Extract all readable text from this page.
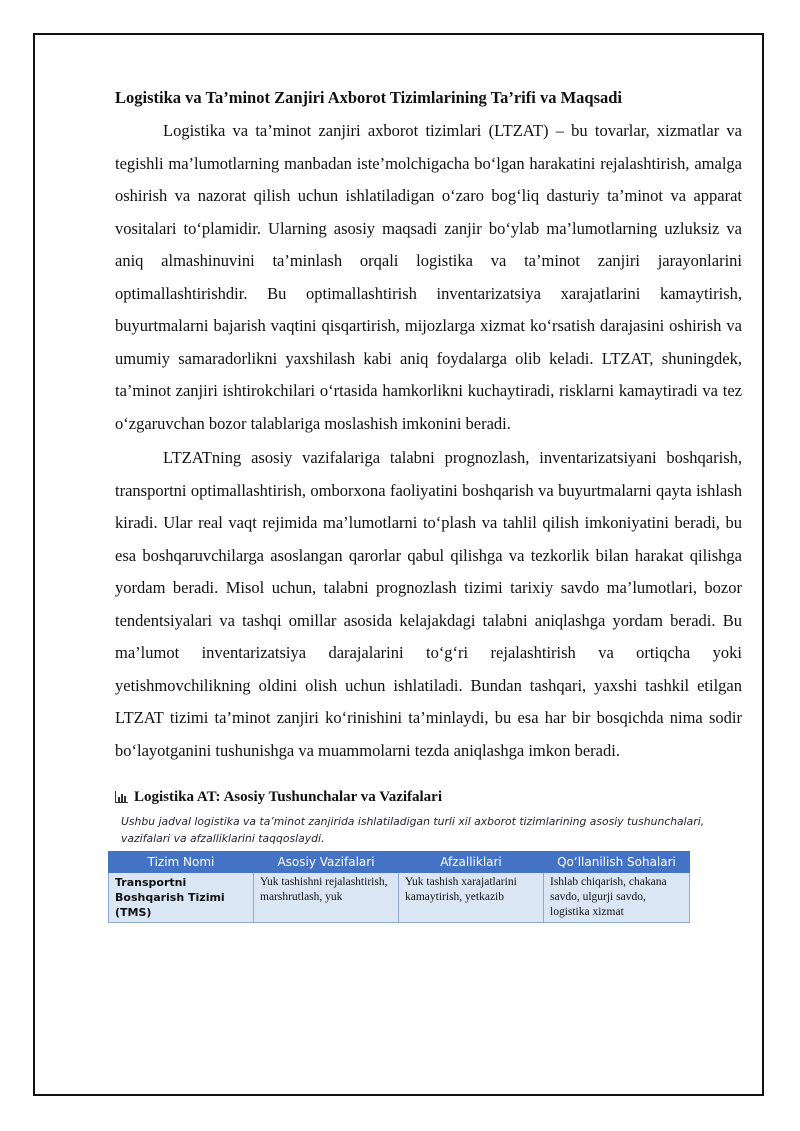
Logistika va Ta’minot Zanjiri Axborot Tizimlarining Ta’rifi va Maqsadi

Logistika va ta’minot zanjiri axborot tizimlari (LTZAT) – bu tovarlar, xizmatlar va tegishli ma’lumotlarning manbadan iste’molchigacha bo‘lgan harakatini rejalashtirish, amalga oshirish va nazorat qilish uchun ishlatiladigan o‘zaro bog‘liq dasturiy ta’minot va apparat vositalari to‘plamidir. Ularning asosiy maqsadi zanjir bo‘ylab ma’lumotlarning uzluksiz va aniq almashinuvini ta’minlash orqali logistika va ta’minot zanjiri jarayonlarini optimallashtirishdir. Bu optimallashtirish inventarizatsiya xarajatlarini kamaytirish, buyurtmalarni bajarish vaqtini qisqartirish, mijozlarga xizmat ko‘rsatish darajasini oshirish va umumiy samaradorlikni yaxshilash kabi aniq foydalarga olib keladi. LTZAT, shuningdek, ta’minot zanjiri ishtirokchilari o‘rtasida hamkorlikni kuchaytiradi, risklarni kamaytiradi va tez o‘zgaruvchan bozor talablariga moslashish imkonini beradi.

LTZATning asosiy vazifalariga talabni prognozlash, inventarizatsiyani boshqarish, transportni optimallashtirish, omborxona faoliyatini boshqarish va buyurtmalarni qayta ishlash kiradi. Ular real vaqt rejimida ma’lumotlarni to‘plash va tahlil qilish imkoniyatini beradi, bu esa boshqaruvchilarga asoslangan qarorlar qabul qilishga va tezkorlik bilan harakat qilishga yordam beradi. Misol uchun, talabni prognozlash tizimi tarixiy savdo ma’lumotlari, bozor tendentsiyalari va tashqi omillar asosida kelajakdagi talabni aniqlashga yordam beradi. Bu ma’lumot inventarizatsiya darajalarini to‘g‘ri rejalashtirish va ortiqcha yoki yetishmovchilikning oldini olish uchun ishlatiladi. Bundan tashqari, yaxshi tashkil etilgan LTZAT tizimi ta’minot zanjiri ko‘rinishini ta’minlaydi, bu esa har bir bosqichda nima sodir bo‘layotganini tushunishga va muammolarni tezda aniqlashga imkon beradi.

Logistika AT: Asosiy Tushunchalar va Vazifalari
Ushbu jadval logistika va ta’minot zanjirida ishlatiladigan turli xil axborot tizimlarining asosiy tushunchalari, vazifalari va afzalliklarini taqqoslaydi.
Tizim Nomi	Asosiy Vazifalari	Afzalliklari	Qo‘llanilish Sohalari
Transportni Boshqarish Tizimi (TMS)	Yuk tashishni rejalashtirish, marshrutlash, yuk	Yuk tashish xarajatlarini kamaytirish, yetkazib	Ishlab chiqarish, chakana savdo, ulgurji savdo, logistika xizmat
